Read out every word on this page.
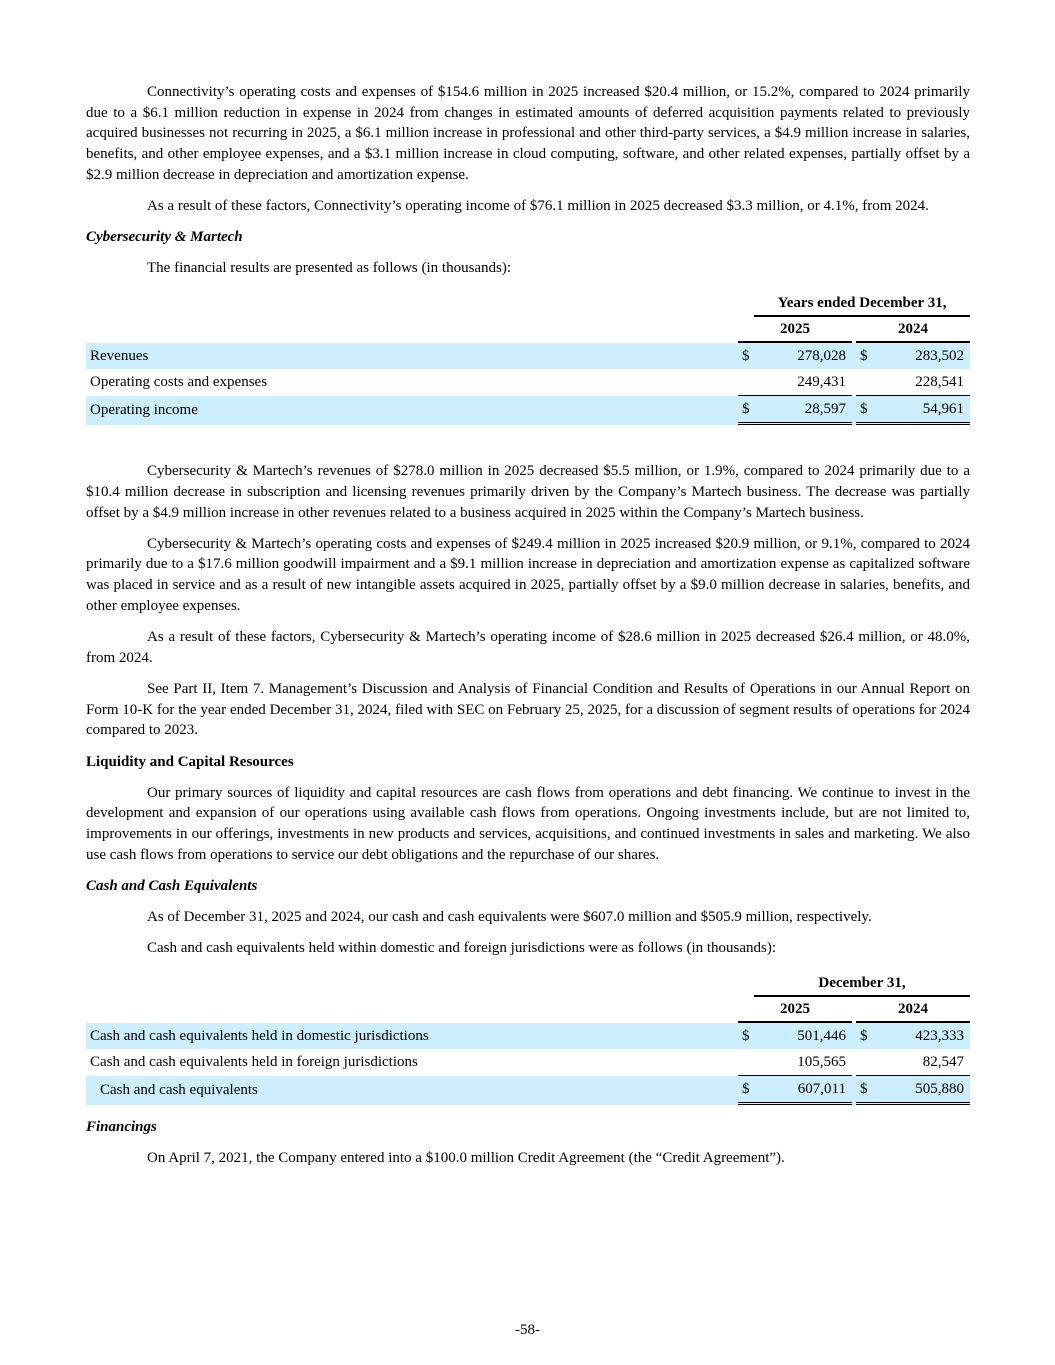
Connectivity’s operating costs and expenses of $154.6 million in 2025 increased $20.4 million, or 15.2%, compared to 2024 primarily due to a $6.1 million reduction in expense in 2024 from changes in estimated amounts of deferred acquisition payments related to previously acquired businesses not recurring in 2025, a $6.1 million increase in professional and other third-party services, a $4.9 million increase in salaries, benefits, and other employee expenses, and a $3.1 million increase in cloud computing, software, and other related expenses, partially offset by a $2.9 million decrease in depreciation and amortization expense.

As a result of these factors, Connectivity’s operating income of $76.1 million in 2025 decreased $3.3 million, or 4.1%, from 2024.

Cybersecurity & Martech

The financial results are presented as follows (in thousands):

		Years ended December 31,			
	2025			2024	
Revenues	$	278,028		$	283,502
Operating costs and expenses		249,431			228,541
Operating income	$	28,597		$	54,961

Cybersecurity & Martech’s revenues of $278.0 million in 2025 decreased $5.5 million, or 1.9%, compared to 2024 primarily due to a $10.4 million decrease in subscription and licensing revenues primarily driven by the Company’s Martech business. The decrease was partially offset by a $4.9 million increase in other revenues related to a business acquired in 2025 within the Company’s Martech business.

Cybersecurity & Martech’s operating costs and expenses of $249.4 million in 2025 increased $20.9 million, or 9.1%, compared to 2024 primarily due to a $17.6 million goodwill impairment and a $9.1 million increase in depreciation and amortization expense as capitalized software was placed in service and as a result of new intangible assets acquired in 2025, partially offset by a $9.0 million decrease in salaries, benefits, and other employee expenses.

As a result of these factors, Cybersecurity & Martech’s operating income of $28.6 million in 2025 decreased $26.4 million, or 48.0%, from 2024.

See Part II, Item 7. Management’s Discussion and Analysis of Financial Condition and Results of Operations in our Annual Report on Form 10-K for the year ended December 31, 2024, filed with SEC on February 25, 2025, for a discussion of segment results of operations for 2024 compared to 2023.

Liquidity and Capital Resources

Our primary sources of liquidity and capital resources are cash flows from operations and debt financing. We continue to invest in the development and expansion of our operations using available cash flows from operations. Ongoing investments include, but are not limited to, improvements in our offerings, investments in new products and services, acquisitions, and continued investments in sales and marketing. We also use cash flows from operations to service our debt obligations and the repurchase of our shares.

Cash and Cash Equivalents

As of December 31, 2025 and 2024, our cash and cash equivalents were $607.0 million and $505.9 million, respectively.

Cash and cash equivalents held within domestic and foreign jurisdictions were as follows (in thousands):

		December 31,			
	2025			2024	
Cash and cash equivalents held in domestic jurisdictions	$	501,446		$	423,333
Cash and cash equivalents held in foreign jurisdictions		105,565			82,547
Cash and cash equivalents	$	607,011		$	505,880
Financings

On April 7, 2021, the Company entered into a $100.0 million Credit Agreement (the “Credit Agreement”).

-58-
